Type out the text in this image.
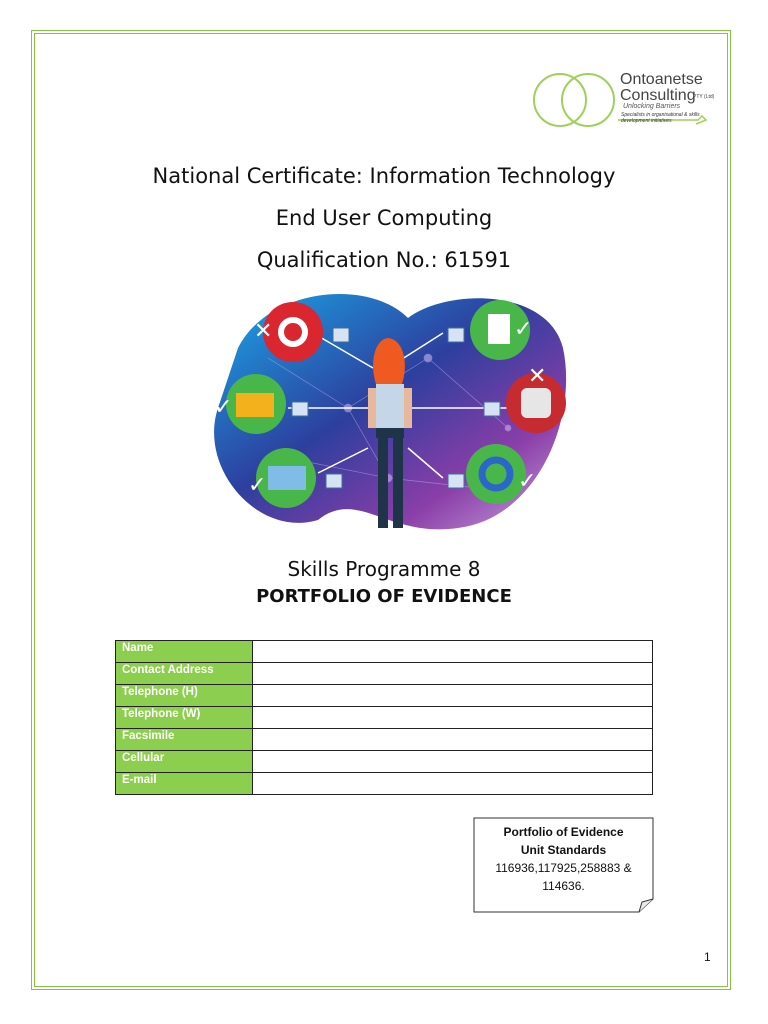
Ontoanetse
Consulting
PTY (Ltd)
Unlocking Barriers
Specialists in organisational & skills development initiatives
National Certificate: Information Technology
End User Computing
Qualification No.: 61591
✕	✓
✓
✕
✓	✓
Skills Programme 8
PORTFOLIO OF EVIDENCE
Name	
Contact Address	
Telephone (H)	
Telephone (W)	
Facsimile	
Cellular	
E-mail	
Portfolio of Evidence
Unit Standards
116936,117925,258883 &
114636.
1
